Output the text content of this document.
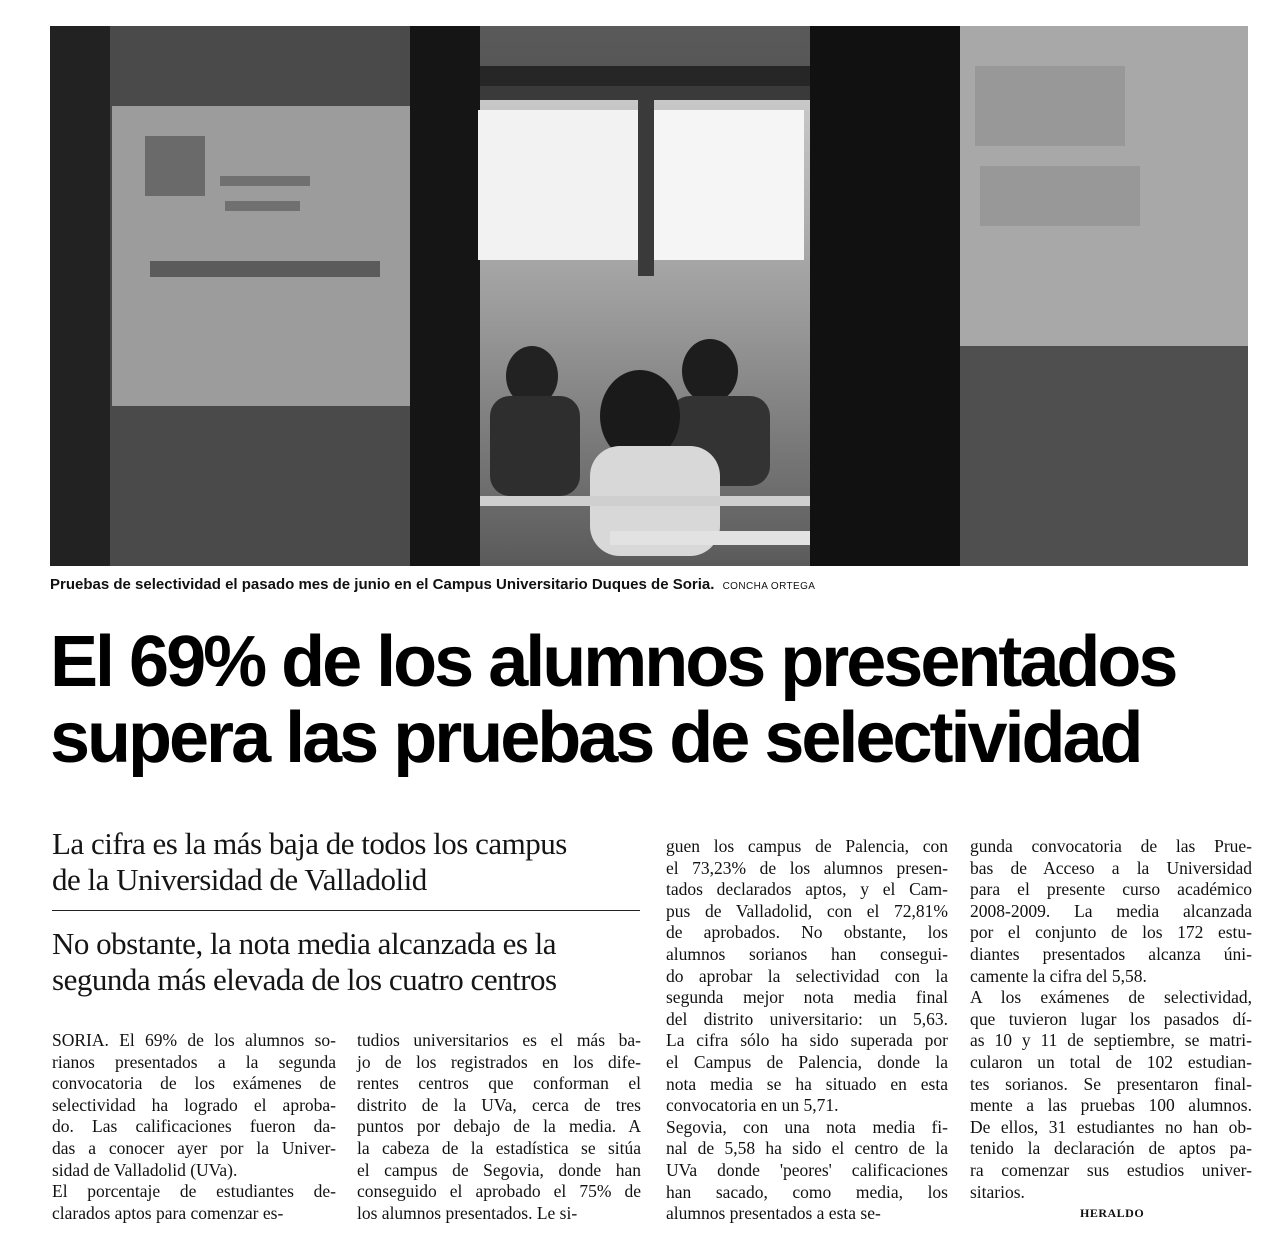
Pruebas de selectividad el pasado mes de junio en el Campus Universitario Duques de Soria. CONCHA ORTEGA
El 69% de los alumnos presentados
supera las pruebas de selectividad
La cifra es la más baja de todos los campus
de la Universidad de Valladolid
No obstante, la nota media alcanzada es la
segunda más elevada de los cuatro centros
SORIA. El 69% de los alumnos so-
rianos presentados a la segunda
convocatoria de los exámenes de
selectividad ha logrado el aproba-
do. Las calificaciones fueron da-
das a conocer ayer por la Univer-
sidad de Valladolid (UVa).
El porcentaje de estudiantes de-
clarados aptos para comenzar es-
tudios universitarios es el más ba-
jo de los registrados en los dife-
rentes centros que conforman el
distrito de la UVa, cerca de tres
puntos por debajo de la media. A
la cabeza de la estadística se sitúa
el campus de Segovia, donde han
conseguido el aprobado el 75% de
los alumnos presentados. Le si-
guen los campus de Palencia, con
el 73,23% de los alumnos presen-
tados declarados aptos, y el Cam-
pus de Valladolid, con el 72,81%
de aprobados. No obstante, los
alumnos sorianos han consegui-
do aprobar la selectividad con la
segunda mejor nota media final
del distrito universitario: un 5,63.
La cifra sólo ha sido superada por
el Campus de Palencia, donde la
nota media se ha situado en esta
convocatoria en un 5,71.
Segovia, con una nota media fi-
nal de 5,58 ha sido el centro de la
UVa donde 'peores' calificaciones
han sacado, como media, los
alumnos presentados a esta se-
gunda convocatoria de las Prue-
bas de Acceso a la Universidad
para el presente curso académico
2008-2009. La media alcanzada
por el conjunto de los 172 estu-
diantes presentados alcanza úni-
camente la cifra del 5,58.
A los exámenes de selectividad,
que tuvieron lugar los pasados dí-
as 10 y 11 de septiembre, se matri-
cularon un total de 102 estudian-
tes sorianos. Se presentaron final-
mente a las pruebas 100 alumnos.
De ellos, 31 estudiantes no han ob-
tenido la declaración de aptos pa-
ra comenzar sus estudios univer-
sitarios.
HERALDO
